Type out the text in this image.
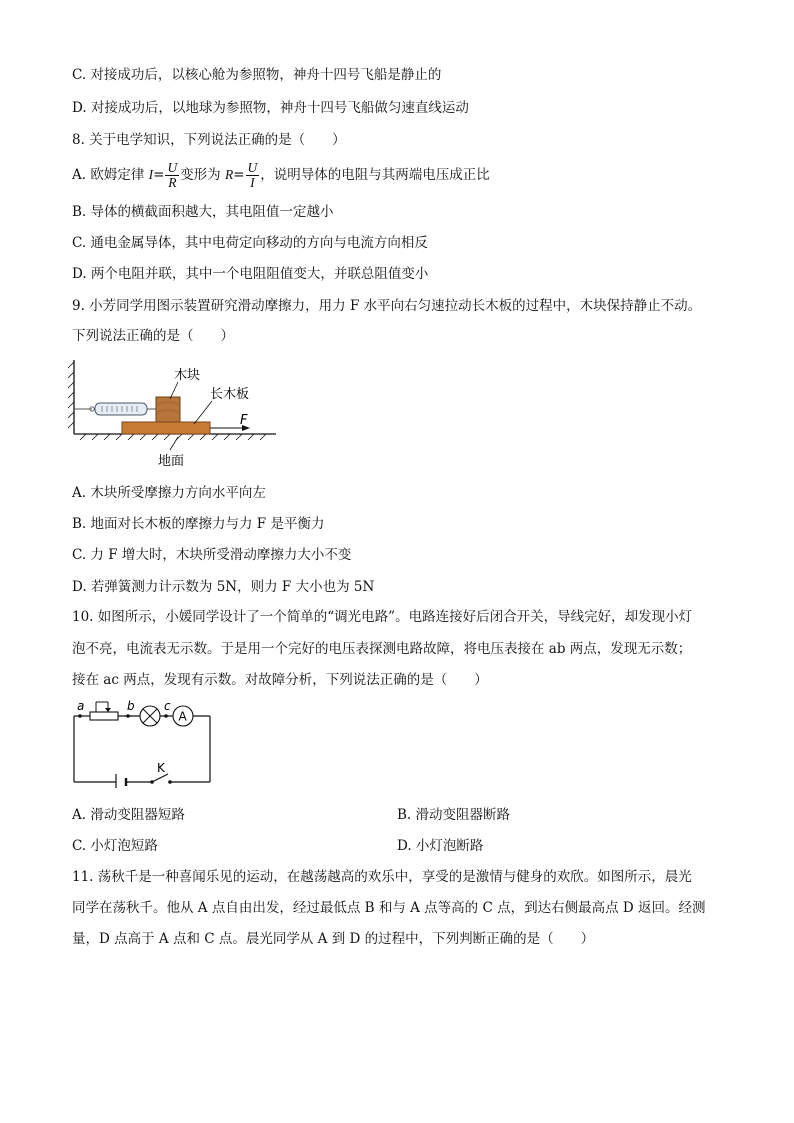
C. 对接成功后，以核心舱为参照物，神舟十四号飞船是静止的
D. 对接成功后，以地球为参照物，神舟十四号飞船做匀速直线运动
8. 关于电学知识，下列说法正确的是（　　）
A. 欧姆定律 $I= \frac{U}{R}$ 变形为 $R= \frac{U}{I}$ ，说明导体的电阻与其两端电压成正比
B. 导体的横截面积越大，其电阻值一定越小
C. 通电金属导体，其中电荷定向移动的方向与电流方向相反
D. 两个电阻并联，其中一个电阻阻值变大，并联总阻值变小
9. 小芳同学用图示装置研究滑动摩擦力，用力 F 水平向右匀速拉动长木板的过程中，木块保持静止不动。
下列说法正确的是（　　）
F
木块
长木板
地面
A. 木块所受摩擦力方向水平向左
B. 地面对长木板的摩擦力与力 F 是平衡力
C. 力 F 增大时，木块所受滑动摩擦力大小不变
D. 若弹簧测力计示数为 5N，则力 F 大小也为 5N
10. 如图所示，小媛同学设计了一个简单的“调光电路”。电路连接好后闭合开关，导线完好，却发现小灯
泡不亮，电流表无示数。于是用一个完好的电压表探测电路故障，将电压表接在 ab 两点，发现无示数；
接在 ac 两点，发现有示数。对故障分析，下列说法正确的是（　　）
a	b c
A
K
A. 滑动变阻器短路	B. 滑动变阻器断路
C. 小灯泡短路	D. 小灯泡断路
11. 荡秋千是一种喜闻乐见的运动，在越荡越高的欢乐中，享受的是激情与健身的欢欣。如图所示，晨光
同学在荡秋千。他从 A 点自由出发，经过最低点 B 和与 A 点等高的 C 点，到达右侧最高点 D 返回。经测
量，D 点高于 A 点和 C 点。晨光同学从 A 到 D 的过程中，下列判断正确的是（　　）
